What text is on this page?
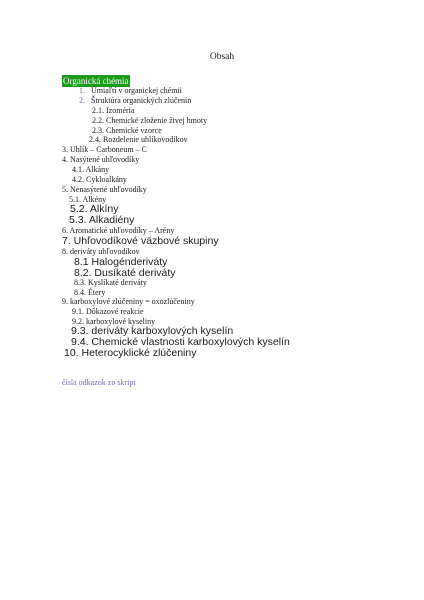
Obsah
Organická chémia
1. Úmiaľtí v organickej chémii
2. Štruktúra organických zlúčenín
2.1. Izoméria
2.2. Chemické zloženie živej hmoty
2.3. Chemické vzorce
2.4. Rozdelenie uhlíkovodíkov
3. Uhlík – Carboneum – C
4. Nasýtené uhľovodíky
4.1. Alkány
4.2. Cykloalkány
5. Nenasýtené uhľovodíky
5.1. Alkény
5.2. Alkíny
5.3. Alkadiény
6. Aromatické uhľovodíky – Arény
7. Uhľovodíkové väzbové skupiny
8. deriváty uhľovodíkov
8.1 Halogénderiváty
8.2. Dusíkaté deriváty
8.3. Kyslíkaté deriváty
8.4. Étery
9. karboxylové zlúčeniny = oxozlúčeniny
9.1. Dôkazové reakcie
9.2. karboxylové kyseliny
9.3. deriváty karboxylových kyselín
9.4. Chemické vlastnosti karboxylových kyselín
10. Heterocyklické zlúčeniny
čísla odkazok zo skript
